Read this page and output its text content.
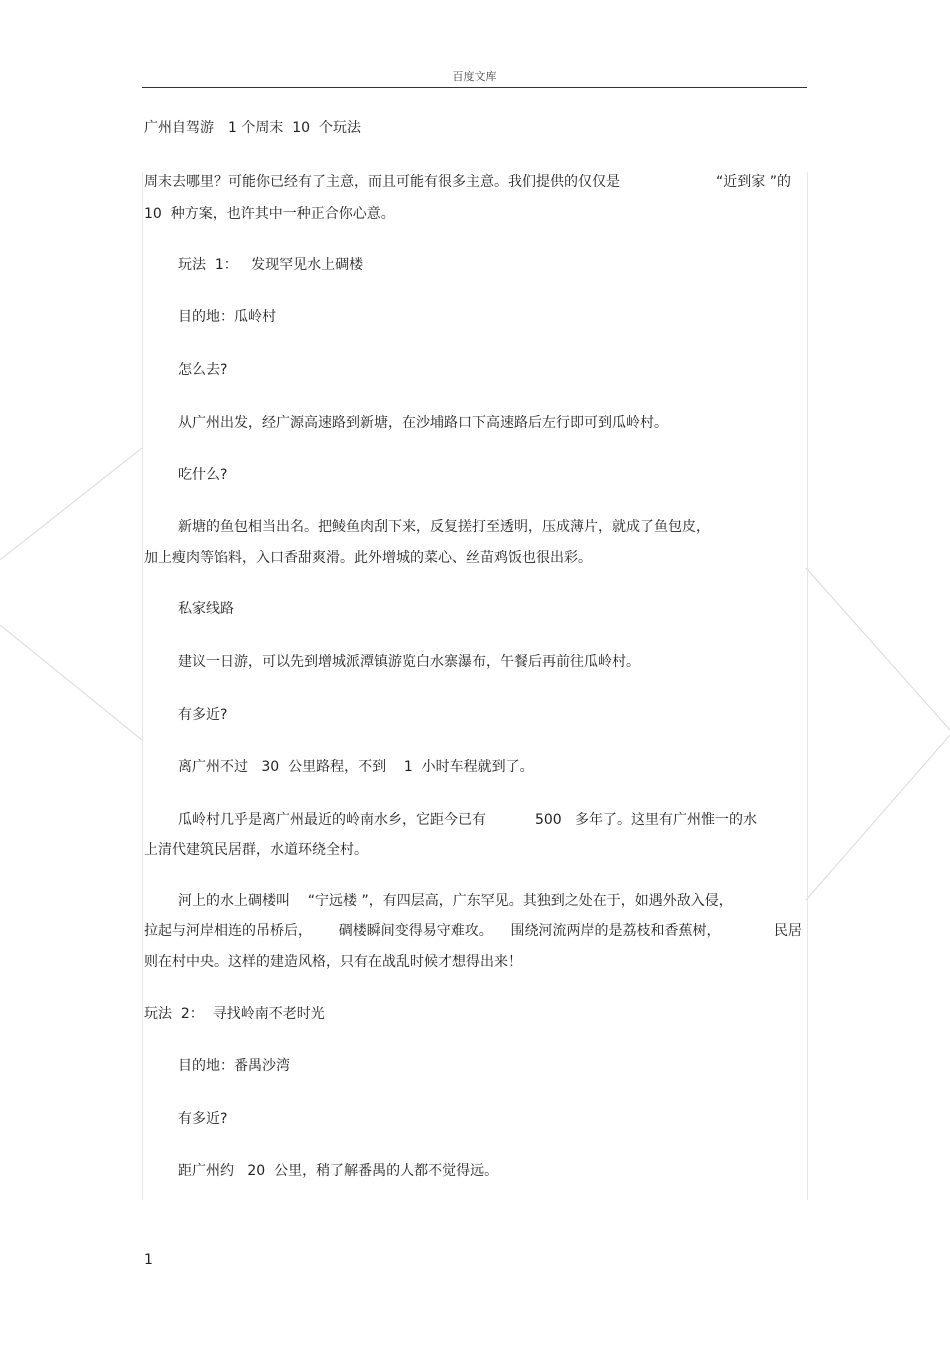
百度文库
广州自驾游　1 个周末  10  个玩法
周末去哪里？可能你已经有了主意，而且可能有很多主意。我们提供的仅仅是	“近到家 ”的
10  种方案，也许其中一种正合你心意。
玩法  1：   发现罕见水上碉楼
目的地：瓜岭村
怎么去?
从广州出发，经广源高速路到新塘，在沙埔路口下高速路后左行即可到瓜岭村。
吃什么?
新塘的鱼包相当出名。把鲮鱼肉刮下来，反复搓打至透明，压成薄片，就成了鱼包皮，
加上瘦肉等馅料，入口香甜爽滑。此外增城的菜心、丝苗鸡饭也很出彩。
私家线路
建议一日游，可以先到增城派潭镇游览白水寨瀑布，午餐后再前往瓜岭村。
有多近?
离广州不过   30  公里路程，不到    1  小时车程就到了。
瓜岭村几乎是离广州最近的岭南水乡，它距今已有           500   多年了。这里有广州惟一的水
上清代建筑民居群，水道环绕全村。
河上的水上碉楼叫    “宁远楼 ”，有四层高，广东罕见。其独到之处在于，如遇外敌入侵，
拉起与河岸相连的吊桥后，      碉楼瞬间变得易守难攻。    围绕河流两岸的是荔枝和香蕉树，	民居
则在村中央。这样的建造风格，只有在战乱时候才想得出来！
玩法  2：  寻找岭南不老时光
目的地：番禺沙湾
有多近?
距广州约   20  公里，稍了解番禺的人都不觉得远。
1
